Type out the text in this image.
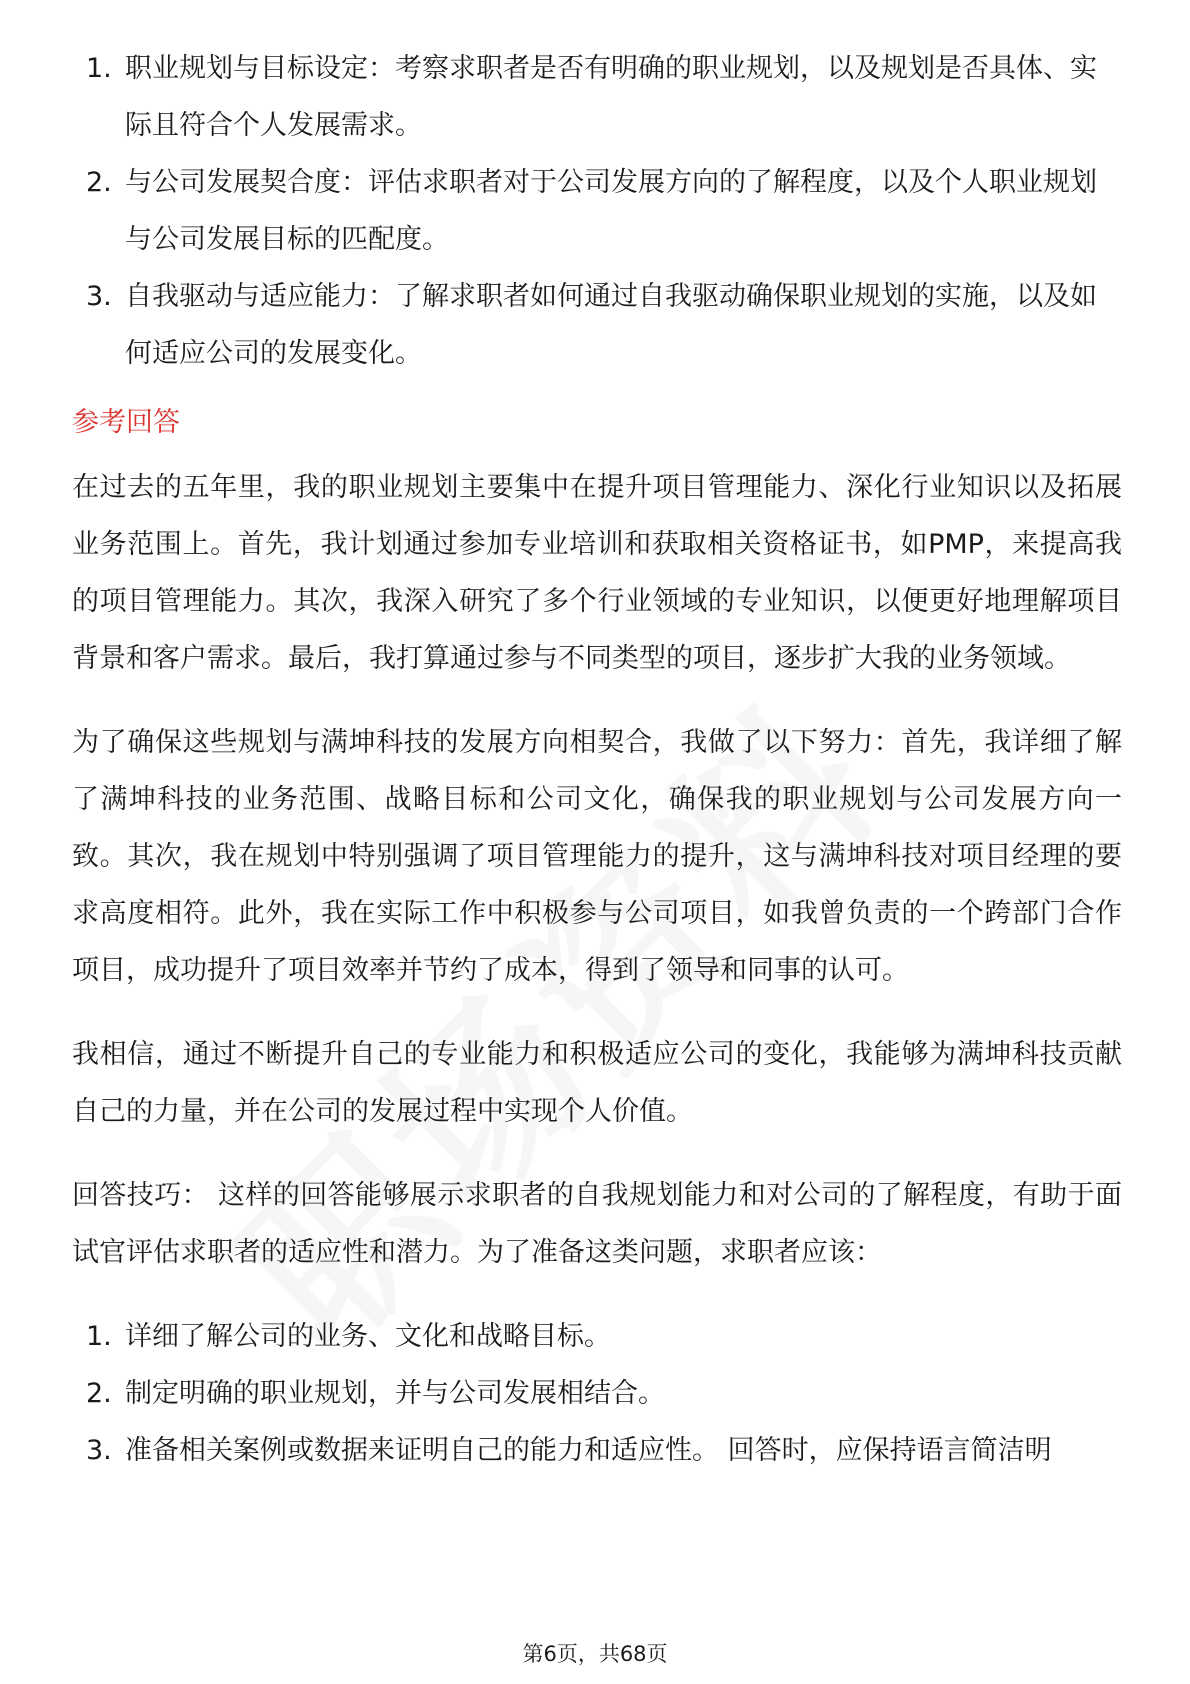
1. 职业规划与目标设定：考察求职者是否有明确的职业规划，以及规划是否具体、实际且符合个人发展需求。
2. 与公司发展契合度：评估求职者对于公司发展方向的了解程度，以及个人职业规划与公司发展目标的匹配度。
3. 自我驱动与适应能力：了解求职者如何通过自我驱动确保职业规划的实施，以及如何适应公司的发展变化。
参考回答

在过去的五年里，我的职业规划主要集中在提升项目管理能力、深化行业知识以及拓展业务范围上。首先，我计划通过参加专业培训和获取相关资格证书，如PMP，来提高我的项目管理能力。其次，我深入研究了多个行业领域的专业知识，以便更好地理解项目背景和客户需求。最后，我打算通过参与不同类型的项目，逐步扩大我的业务领域。

为了确保这些规划与满坤科技的发展方向相契合，我做了以下努力：首先，我详细了解了满坤科技的业务范围、战略目标和公司文化，确保我的职业规划与公司发展方向一致。其次，我在规划中特别强调了项目管理能力的提升，这与满坤科技对项目经理的要求高度相符。此外，我在实际工作中积极参与公司项目，如我曾负责的一个跨部门合作项目，成功提升了项目效率并节约了成本，得到了领导和同事的认可。

我相信，通过不断提升自己的专业能力和积极适应公司的变化，我能够为满坤科技贡献自己的力量，并在公司的发展过程中实现个人价值。

回答技巧： 这样的回答能够展示求职者的自我规划能力和对公司的了解程度，有助于面试官评估求职者的适应性和潜力。为了准备这类问题，求职者应该：

1. 详细了解公司的业务、文化和战略目标。
2. 制定明确的职业规划，并与公司发展相结合。
3. 准备相关案例或数据来证明自己的能力和适应性。 回答时，应保持语言简洁明
第6页，共68页
